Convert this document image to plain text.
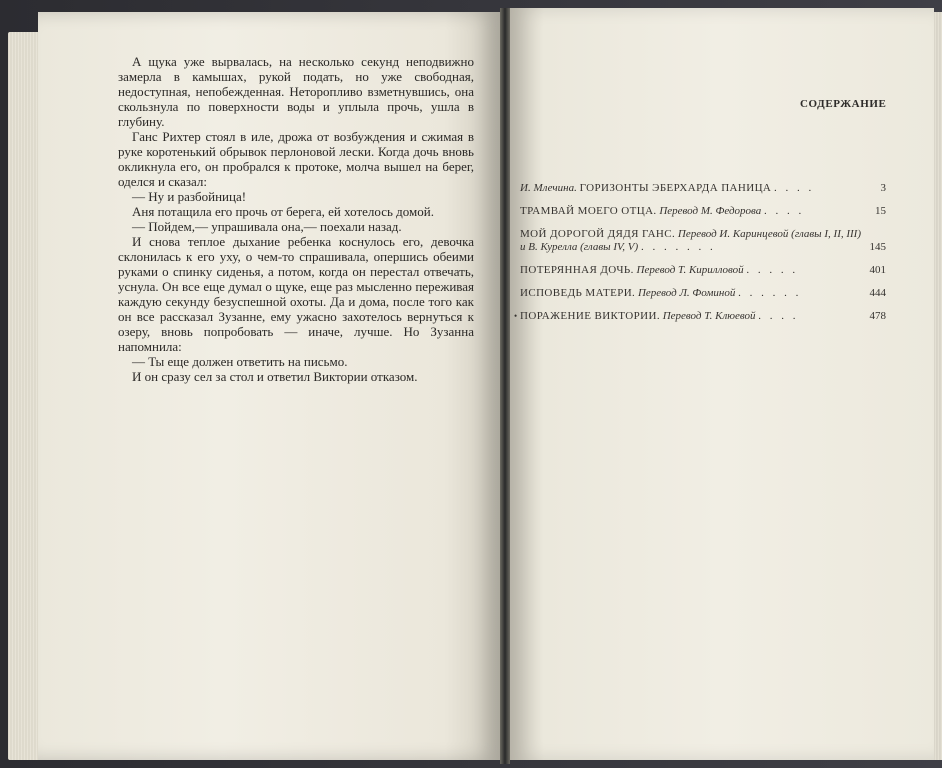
А щука уже вырвалась, на несколько секунд неподвижно замерла в камышах, рукой подать, но уже свободная, недоступная, непобежденная. Неторопливо взметнувшись, она скользнула по поверхности воды и уплыла прочь, ушла в глубину.

Ганс Рихтер стоял в иле, дрожа от возбуждения и сжимая в руке коротенький обрывок перлоновой лески. Когда дочь вновь окликнула его, он пробрался к протоке, молча вышел на берег, оделся и сказал:

— Ну и разбойница!

Аня потащила его прочь от берега, ей хотелось домой.

— Пойдем,— упрашивала она,— поехали назад.

И снова теплое дыхание ребенка коснулось его, девочка склонилась к его уху, о чем-то спрашивала, опершись обеими руками о спинку сиденья, а потом, когда он перестал отвечать, уснула. Он все еще думал о щуке, еще раз мысленно переживая каждую секунду безуспешной охоты. Да и дома, после того как он все рассказал Зузанне, ему ужасно захотелось вернуться к озеру, вновь попробовать — иначе, лучше. Но Зузанна напомнила:

— Ты еще должен ответить на письмо.

И он сразу сел за стол и ответил Виктории отказом.

СОДЕРЖАНИЕ
И. Млечина. ГОРИЗОНТЫ ЭБЕРХАРДА ПАНИЦА . . . .	3
ТРАМВАЙ МОЕГО ОТЦА. Перевод М. Федорова . . . .	15
МОЙ ДОРОГОЙ ДЯДЯ ГАНС. Перевод И. Каринцевой (главы I, II, III) и В. Курелла (главы IV, V) . . . . . . .	145
ПОТЕРЯННАЯ ДОЧЬ. Перевод Т. Кирилловой . . . . .	401
ИСПОВЕДЬ МАТЕРИ. Перевод Л. Фоминой . . . . . .	444
• ПОРАЖЕНИЕ ВИКТОРИИ. Перевод Т. Клюевой . . . .	478
